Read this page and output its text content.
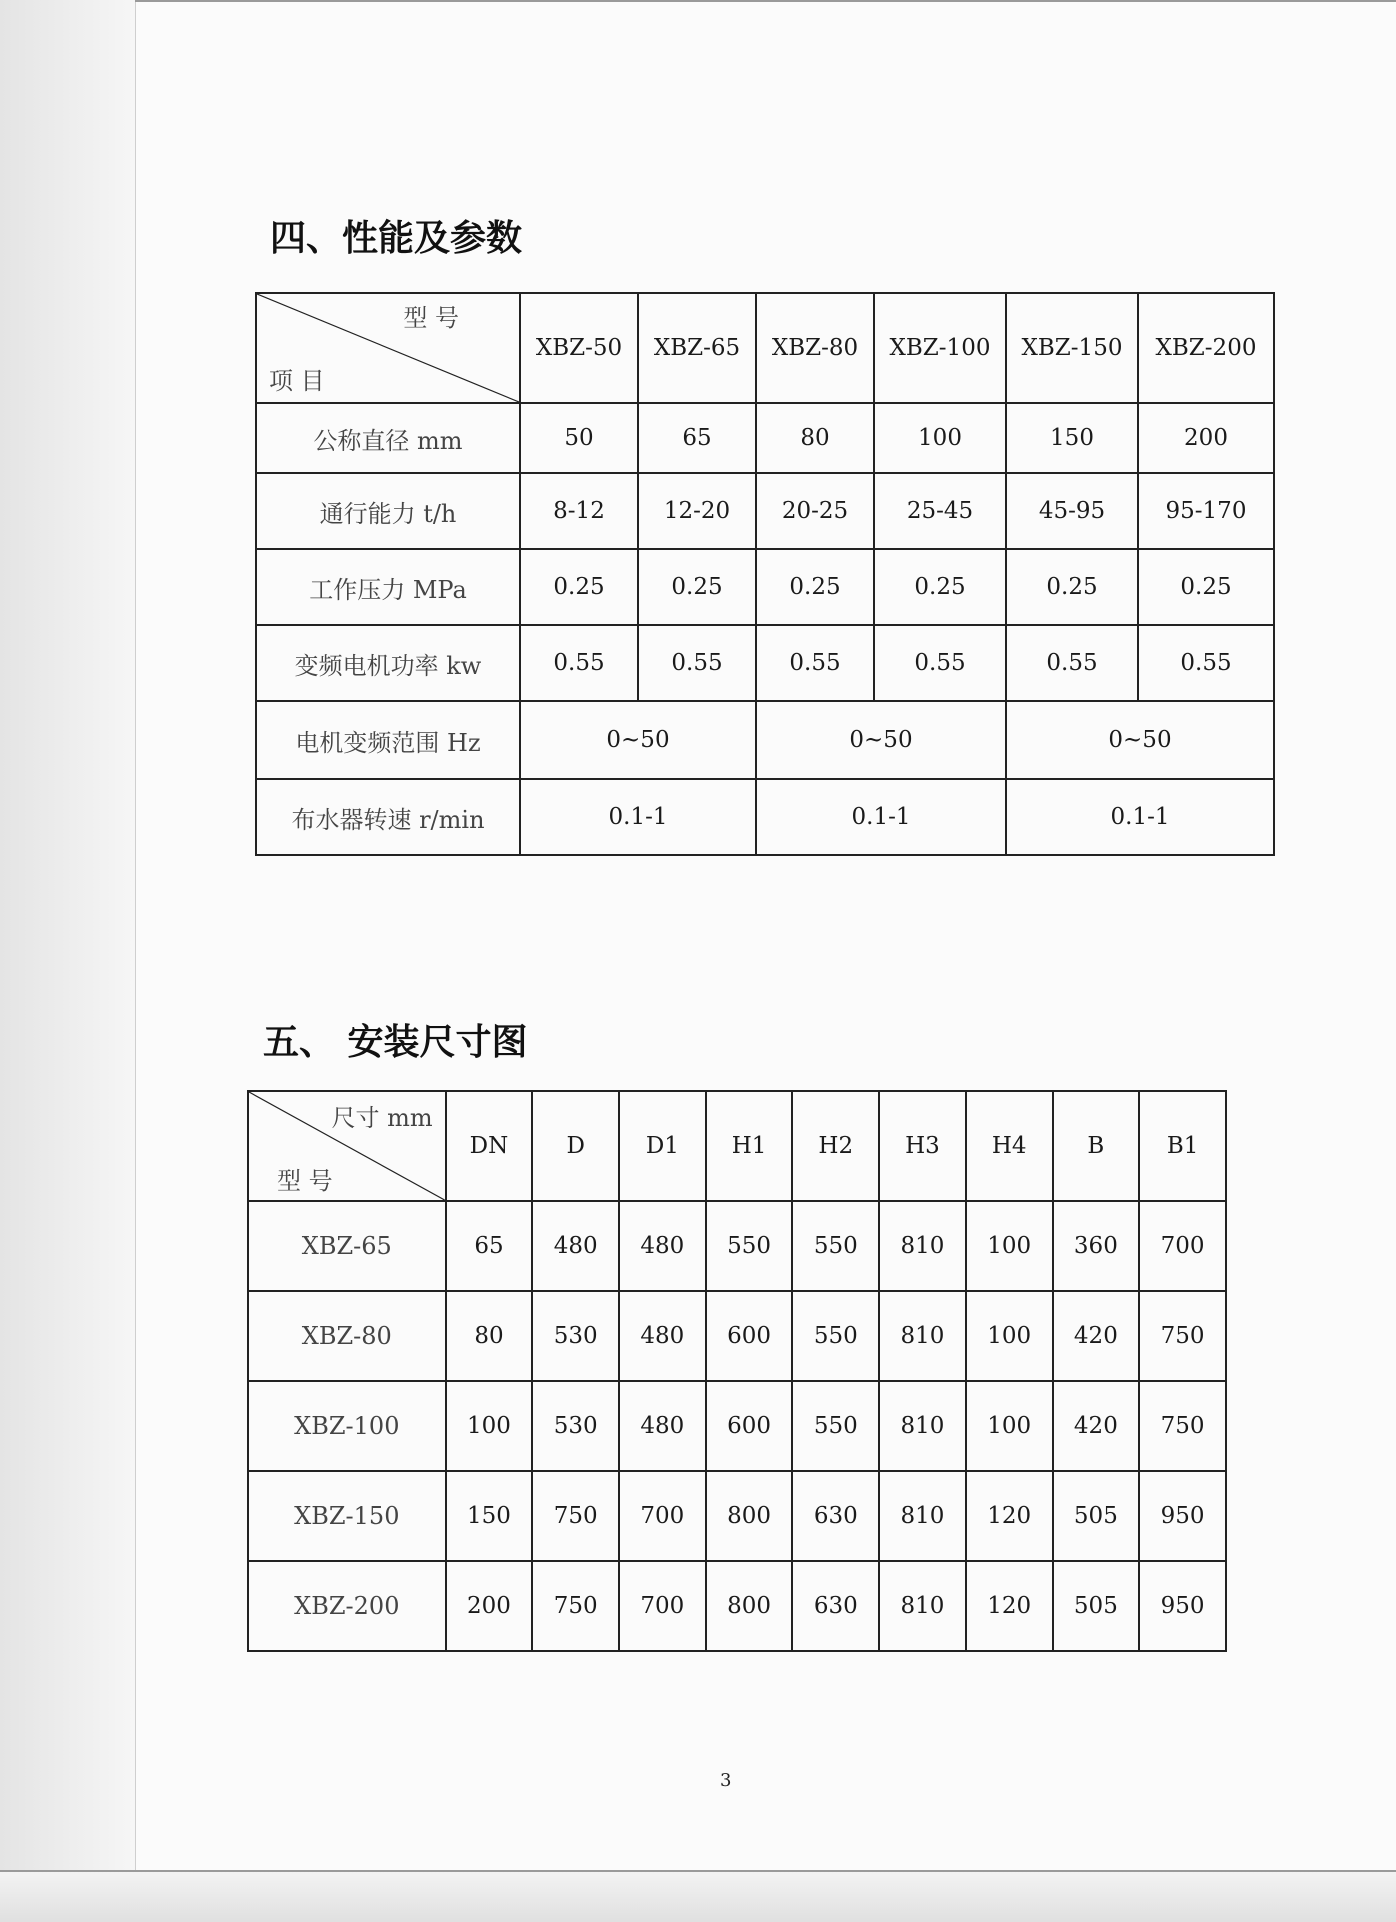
四、性能及参数
型 号
项 目	XBZ-50	XBZ-65	XBZ-80	XBZ-100	XBZ-150	XBZ-200
公称直径 mm	50	65	80	100	150	200
通行能力 t/h	8-12	12-20	20-25	25-45	45-95	95-170
工作压力 MPa	0.25	0.25	0.25	0.25	0.25	0.25
变频电机功率 kw	0.55	0.55	0.55	0.55	0.55	0.55
电机变频范围 Hz	0~50		0~50		0~50	
布水器转速 r/min	0.1-1		0.1-1		0.1-1	
五、 安装尺寸图
尺寸 mm
型 号	DN	D	D1	H1	H2	H3	H4	B	B1
XBZ-65	65	480	480	550	550	810	100	360	700
XBZ-80	80	530	480	600	550	810	100	420	750
XBZ-100	100	530	480	600	550	810	100	420	750
XBZ-150	150	750	700	800	630	810	120	505	950
XBZ-200	200	750	700	800	630	810	120	505	950
3
